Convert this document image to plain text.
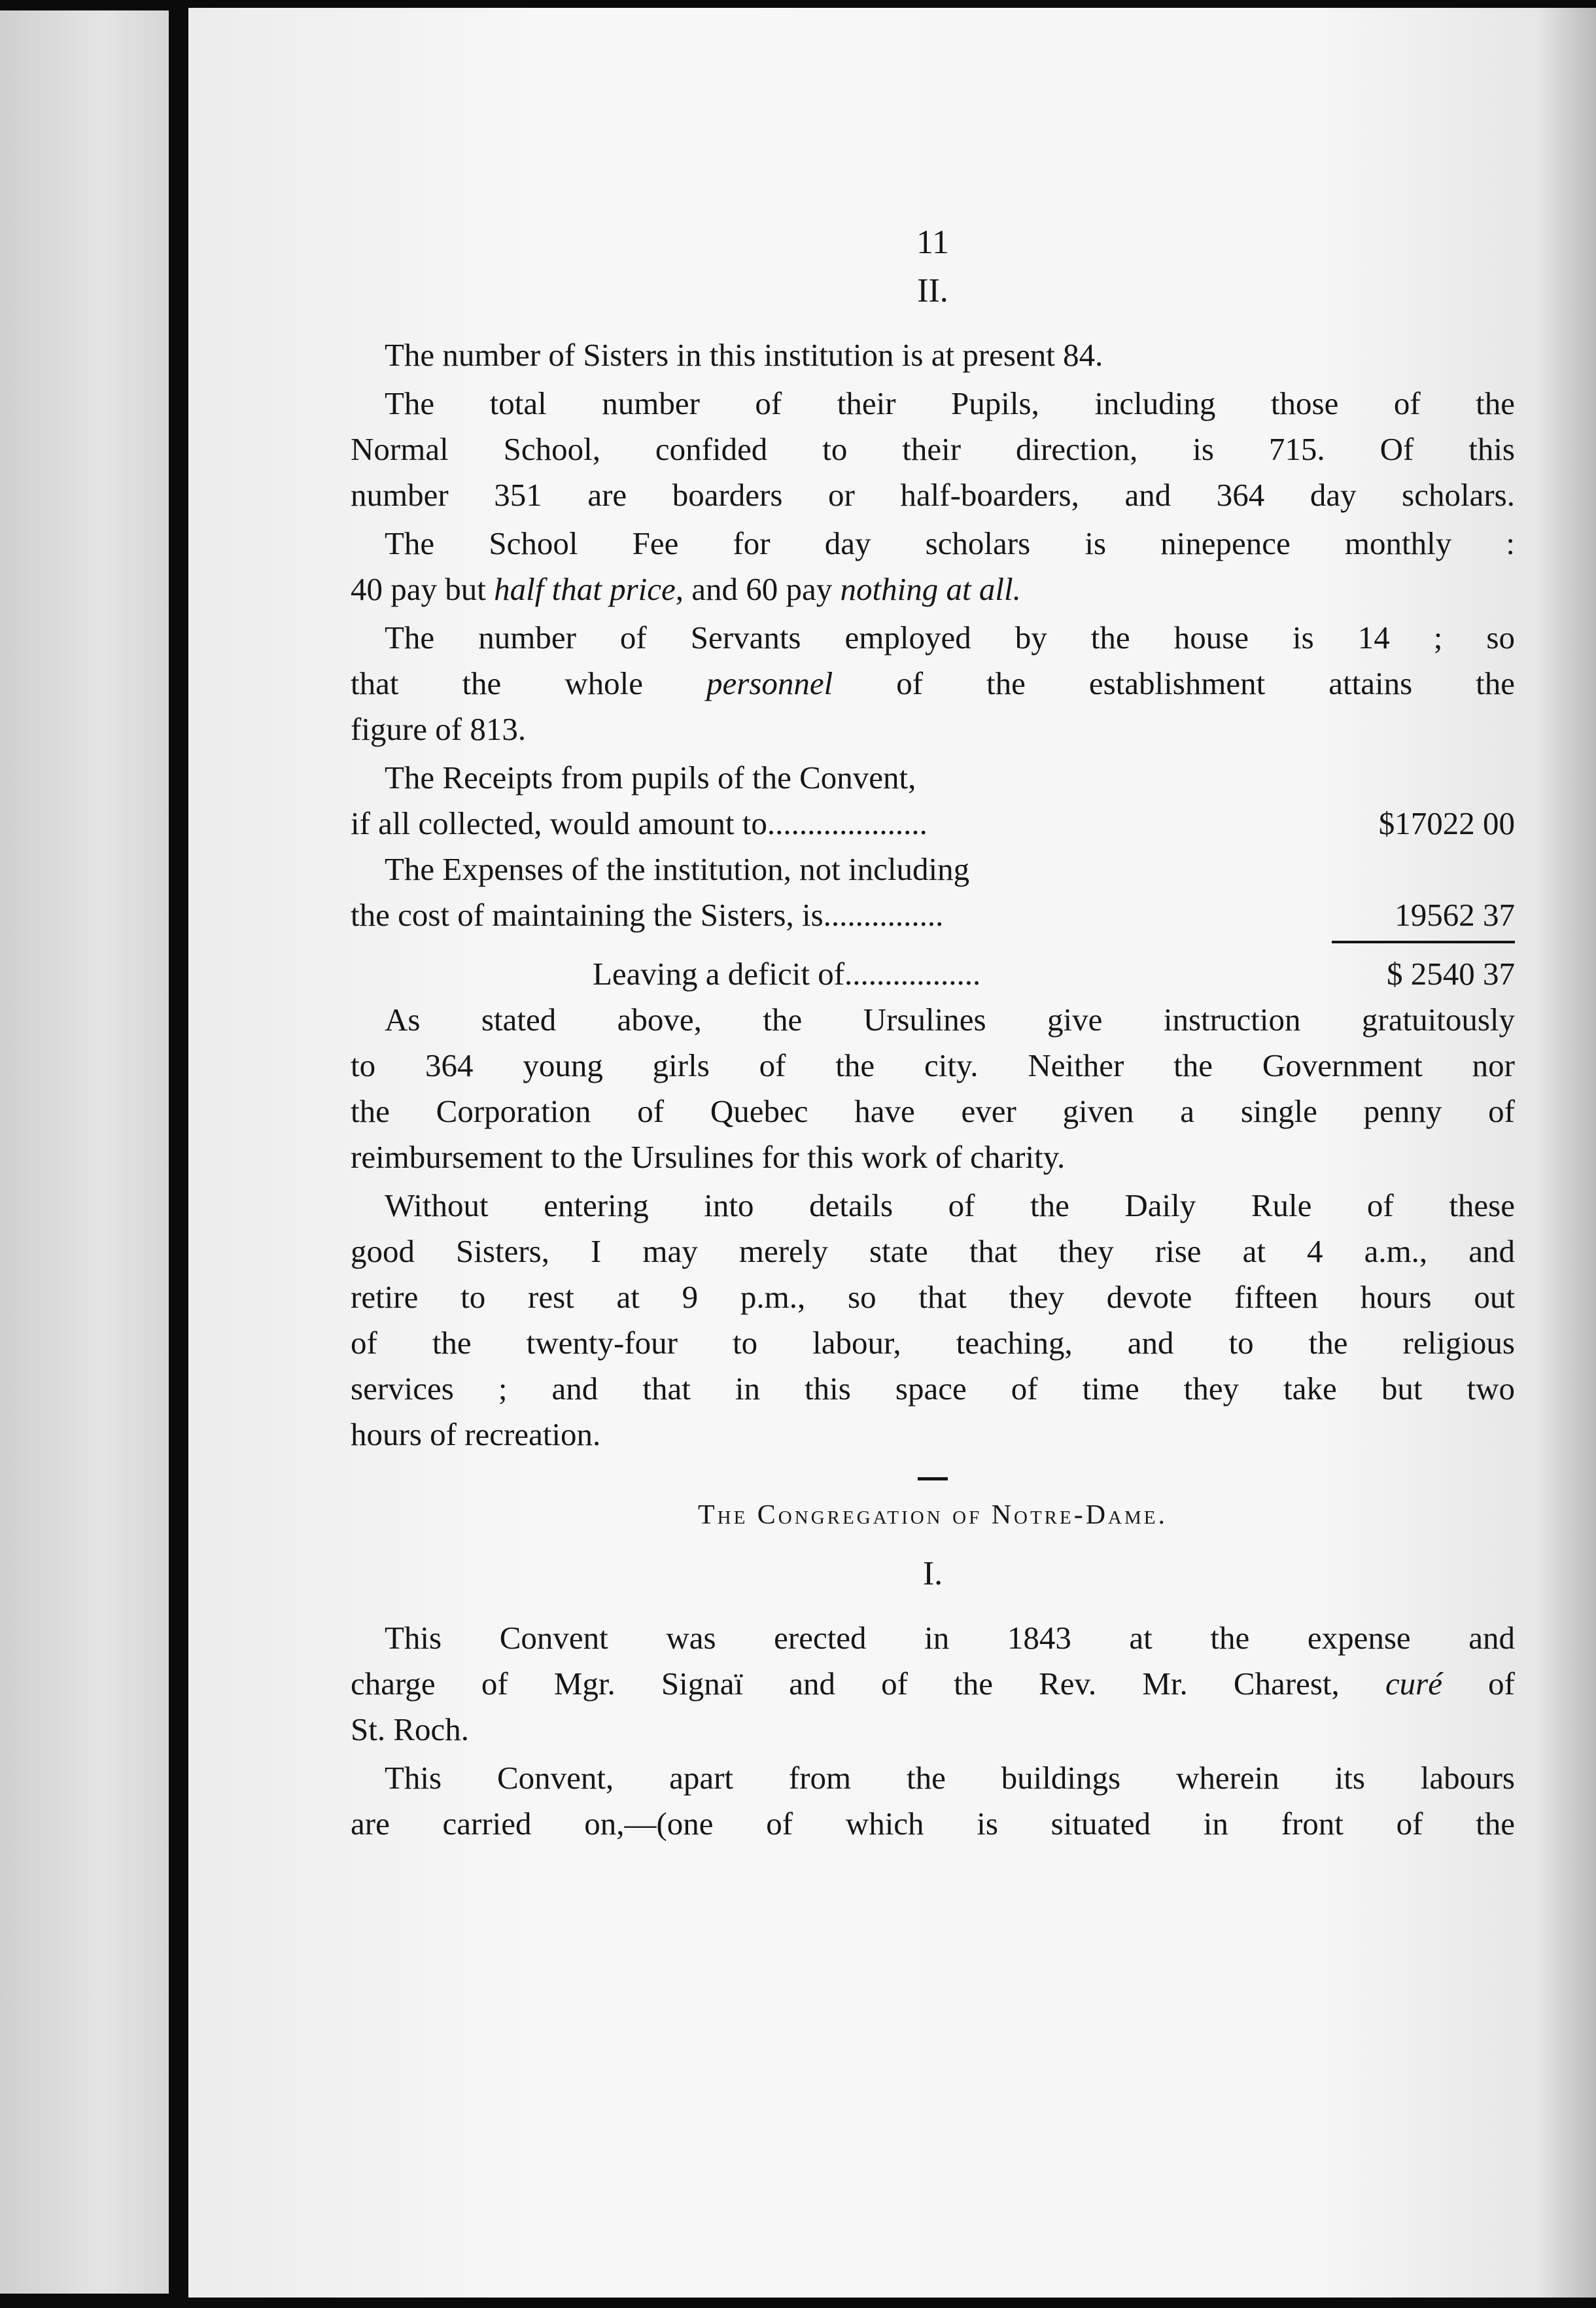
11
II.
The number of Sisters in this institution is at present 84.
The total number of their Pupils, including those of the
Normal School, confided to their direction, is 715. Of this
number 351 are boarders or half-boarders, and 364 day scholars.
The School Fee for day scholars is ninepence monthly :
40 pay but half that price, and 60 pay nothing at all.
The number of Servants employed by the house is 14 ; so
that the whole personnel of the establishment attains the
figure of 813.
The Receipts from pupils of the Convent,
if all collected, would amount to....................	$17022 00
The Expenses of the institution, not including
the cost of maintaining the Sisters, is...............	19562 37
Leaving a deficit of.................	$ 2540 37
As stated above, the Ursulines give instruction gratuitously
to 364 young girls of the city. Neither the Government nor
the Corporation of Quebec have ever given a single penny of
reimbursement to the Ursulines for this work of charity.
Without entering into details of the Daily Rule of these
good Sisters, I may merely state that they rise at 4 a.m., and
retire to rest at 9 p.m., so that they devote fifteen hours out
of the twenty-four to labour, teaching, and to the religious
services ; and that in this space of time they take but two
hours of recreation.
The Congregation of Notre-Dame.
I.
This Convent was erected in 1843 at the expense and
charge of Mgr. Signaï and of the Rev. Mr. Charest, curé of
St. Roch.
This Convent, apart from the buildings wherein its labours
are carried on,—(one of which is situated in front of the
